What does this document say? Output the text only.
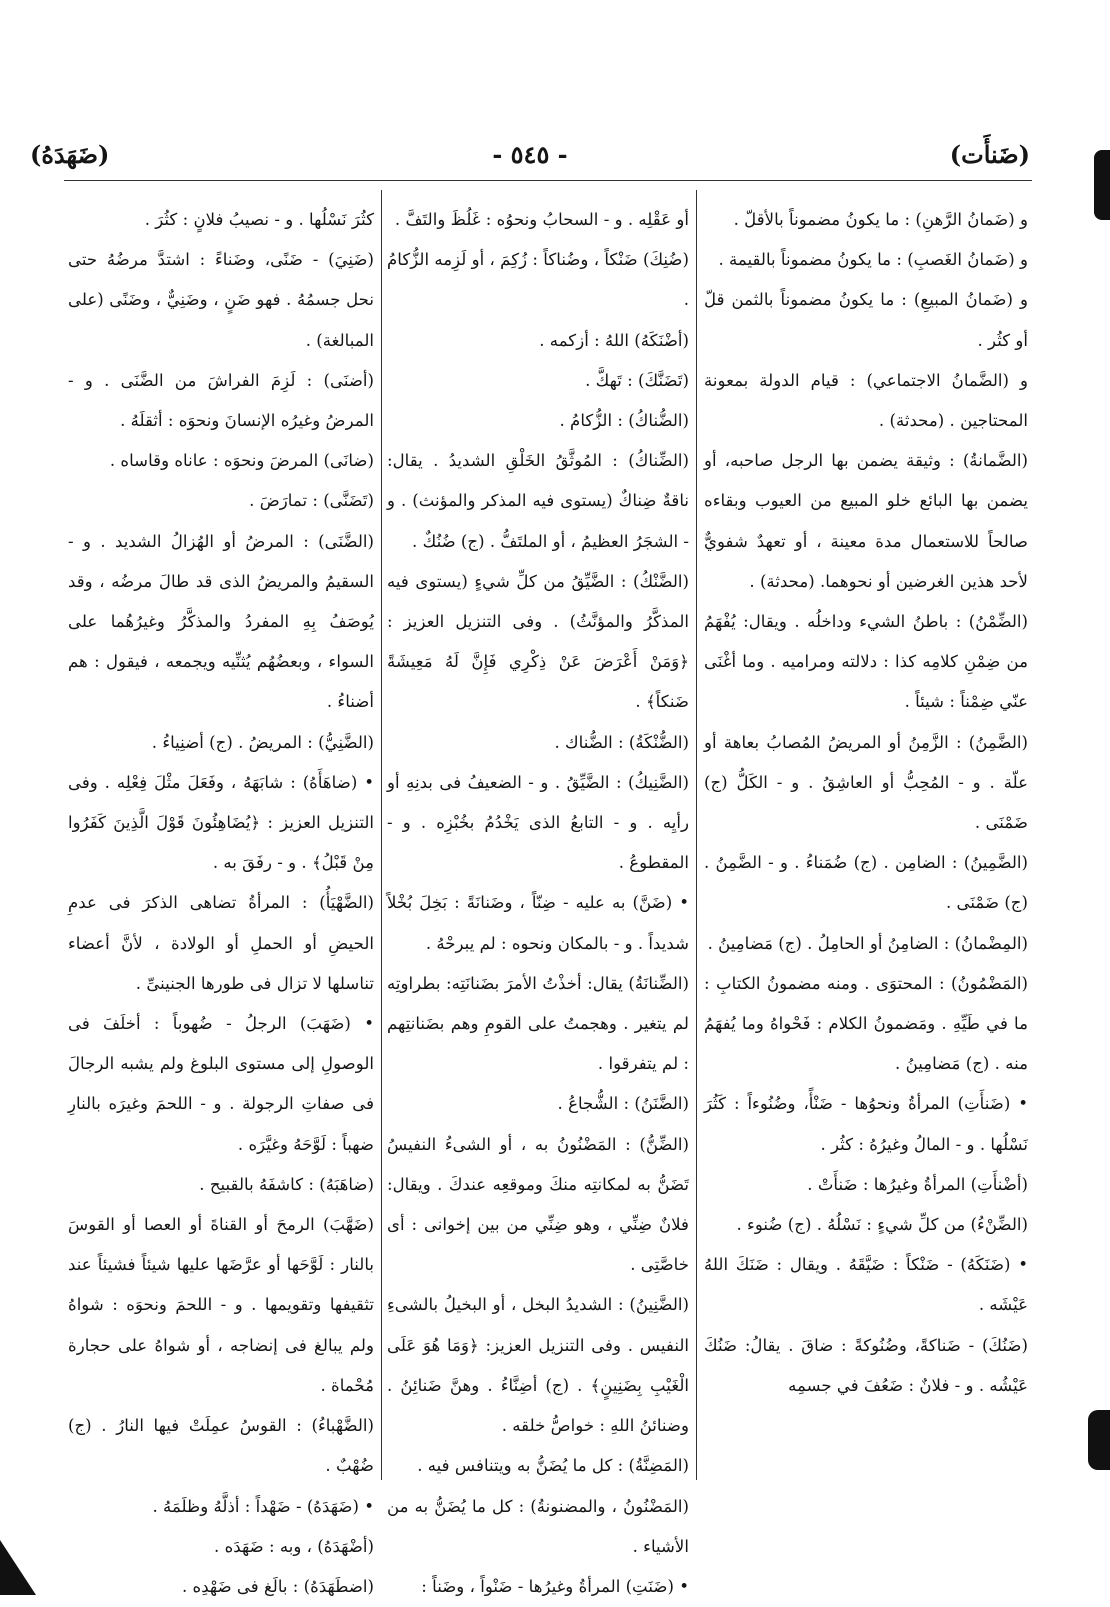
(ضَنأَت)
- ٥٤٥ -
(ضَهَدَهُ)

و (ضَمانُ الرَّهنِ) : ما يكونُ مضموناً بالأقلّ .

و (ضَمانُ الغَصبِ) : ما يكونُ مضموناً بالقيمة .

و (ضَمانُ المبيعِ) : ما يكونُ مضموناً بالثمن قلّ أو كثُر .

و (الضَّمانُ الاجتماعي) : قيام الدولة بمعونة المحتاجين . (محدثة) .

(الضَّمانةُ) : وثيقة يضمن بها الرجل صاحبه، أو يضمن بها البائع خلو المبيع من العيوب وبقاءه صالحاً للاستعمال مدة معينة ، أو تعهدٌ شفويٌّ لأحد هذين الغرضين أو نحوهما. (محدثة) .

(الضِّمْنُ) : باطنُ الشيء وداخلُه . ويقال: يُفْهَمُ من ضِمْنِ كلامِه كذا : دلالته ومراميه . وما أغْنَى عنّي ضِمْناً : شيئاً .

(الضَّمِنُ) : الزَّمِنُ أو المريضُ المُصابُ بعاهة أو علّة . و - المُحِبُّ أو العاشِقُ . و - الكَلُّ (ج) ضَمْنَى .

(الضَّمِينُ) : الضامِن . (ج) ضُمَناءُ . و - الضَّمِنُ . (ج) ضَمْنَى .

(المِضْمانُ) : الضامِنُ أو الحامِلُ . (ج) مَضامِينُ .

(المَضْمُونُ) : المحتوَى . ومنه مضمونُ الكتابِ : ما في طَيِّهِ . ومَضمونُ الكلام : فَحْواهُ وما يُفهَمُ منه . (ج) مَضامِينُ .

• (ضَنأَتِ) المرأةُ ونحوُها - ضَنْأً، وضُنُوءاً : كَثُرَ نَسْلُها . و - المالُ وغيرُهُ : كثُر .

(أضْنأَتِ) المرأةُ وغيرُها : ضَنأَتْ .

(الضِّنْءُ) من كلِّ شيءٍ : نَسْلُهُ . (ج) ضُنوء .

• (ضَنَكَهُ) - ضَنْكاً : ضَيَّقَهُ . ويقال : ضَنَكَ اللهُ عَيْشَه .

(ضَنُكَ) - ضَناكةً، وضُنُوكةً : ضاقَ . يقالُ: ضَنُكَ عَيْشُه . و - فلانٌ : ضَعُفَ في جسمِه

أو عَقْلِه . و - السحابُ ونحوُه : غَلُظَ والتَفَّ .

(ضُنِكَ) ضَنْكاً ، وضُناكاً : زُكِمَ ، أو لَزِمه الزُّكامُ .

(أضْنَكَهُ) اللهُ : أزكمه .

(تَضَنَّكَ) : تَهكَّ .

(الضُّناكُ) : الزُّكامُ .

(الضِّناكُ) : المُوثَّقُ الخَلْقِ الشديدُ . يقال: ناقةٌ ضِناكٌ (يستوى فيه المذكر والمؤنث) . و - الشجَرُ العظيمُ ، أو الملتَفُّ . (ج) ضُنُكٌ .

(الضَّنْكُ) : الضَّيِّقُ من كلِّ شيءٍ (يستوى فيه المذكَّرُ والمؤنَّثُ) . وفى التنزيل العزيز : ﴿وَمَنْ أَعْرَضَ عَنْ ذِكْرِي فَإِنَّ لَهُ مَعِيشَةً ضَنكاً﴾ .

(الضُّنْكَةُ) : الضُّناك .

(الضَّنِيكُ) : الضَّيِّقُ . و - الضعيفُ فى بدنِهِ أو رأيِه . و - التابعُ الذى يَخْدُمُ بخُبْزِه . و - المقطوعُ .

• (ضَنَّ) به عليه - ضِنّاً ، وضَنانَةً : بَخِلَ بُخْلاً شديداً . و - بالمكان ونحوه : لم يبرحْهُ .

(الضِّنانَةُ) يقال: أخذْتُ الأمرَ بضَنانَتِه: بطراوتِه لم يتغير . وهجمتُ على القومِ وهم بضَنانتِهم : لم يتفرقوا .

(الضَّنَنُ) : الشُّجاعُ .

(الضِّنُّ) : المَضْنُونُ به ، أو الشىءُ النفيسُ تَضَنُّ به لمكانتِه منكَ وموقعِه عندكَ . ويقال: فلانٌ ضِنِّي ، وهو ضِنِّي من بين إخوانى : أى خاصَّتِى .

(الضَّنِينُ) : الشديدُ البخل ، أو البخيلُ بالشىءِ النفيس . وفى التنزيل العزيز: ﴿وَمَا هُوَ عَلَى الْغَيْبِ بِضَنِينٍ﴾ . (ج) أضِنَّاءُ . وهنَّ ضَنائِنُ . وضنائنُ اللهِ : خواصُّ خلقه .

(المَضِنَّةُ) : كل ما يُضَنُّ به ويتنافس فيه .

(المَضْنُونُ ، والمضنونةُ) : كل ما يُضَنُّ به من الأشياء .

• (ضَنَتِ) المرأةُ وغيرُها - ضَنْواً ، وضَناً :

كثُرَ نَسْلُها . و - نصيبُ فلانٍ : كثُرَ .

(ضَنِيَ) - ضَنًى، وضَناءً : اشتدَّ مرضُهُ حتى نحل جسمُهُ . فهو ضَنٍ ، وضَنِيٌّ ، وضَنًى (على المبالغة) .

(أضنَى) : لَزِمَ الفراشَ من الضَّنَى . و - المرضُ وغيرُه الإنسانَ ونحوَه : أثقلَهُ .

(ضانَى) المرضَ ونحوَه : عاناه وقاساه .

(تَضَنَّى) : تمارَضَ .

(الضَّنَى) : المرضُ أو الهُزالُ الشديد . و - السقيمُ والمريضُ الذى قد طالَ مرضُه ، وقد يُوصَفُ بِهِ المفردُ والمذكَّرُ وغيرُهُما على السواء ، وبعضُهُم يُثنِّيه ويجمعه ، فيقول : هم أضناءُ .

(الضَّنِيُّ) : المريضُ . (ج) أضنِياءُ .

• (ضاهَأَهُ) : شابَهَهُ ، وفَعَلَ مثْلَ فِعْلِه . وفى التنزيل العزيز : ﴿يُضَاهِئُونَ قَوْلَ الَّذِينَ كَفَرُوا مِنْ قَبْلُ﴾ . و - رفَقَ به .

(الضَّهْيَأُ) : المرأةُ تضاهى الذكرَ فى عدمِ الحيضِ أو الحملِ أو الولادة ، لأنَّ أعضاء تناسلها لا تزال فى طورها الجنينىِّ .

• (ضَهَبَ) الرجلُ - ضُهوباً : أخلَفَ فى الوصولِ إلى مستوى البلوغ ولم يشبه الرجالَ فى صفاتِ الرجولة . و - اللحمَ وغيرَه بالنارِ ضهباً : لَوَّحَهُ وغيَّرَه .

(ضاهَبَهُ) : كاشفَهُ بالقبيح .

(ضَهَّبَ) الرمحَ أو القناةَ أو العصا أو القوسَ بالنار : لَوَّحَها أو عرَّضَها عليها شيئاً فشيئاً عند تثقيفها وتقويمها . و - اللحمَ ونحوَه : شواهُ ولم يبالغ فى إنضاجه ، أو شواهُ على حجارة مُحْماة .

(الضَّهْباءُ) : القوسُ عمِلَتْ فيها النارُ . (ج) ضُهْبٌ .

• (ضَهَدَهُ) - ضَهْداً : أذلَّهُ وظلَمَهُ .

(أضْهَدَهُ) ، وبه : ضَهَدَه .

(اضطَهَدَهُ) : بالَغ فى ضَهْدِه .
